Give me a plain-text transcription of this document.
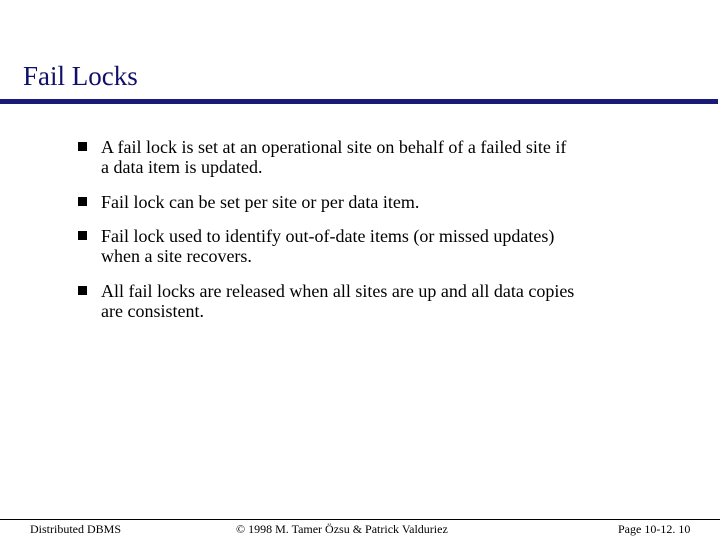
Fail Locks
A fail lock is set at an operational site on behalf of a failed site if
a data item is updated.
Fail lock can be set per site or per data item.
Fail lock used to identify out-of-date items (or missed updates)
when a site recovers.
All fail locks are released when all sites are up and all data copies
are consistent.
Distributed DBMS	© 1998 M. Tamer Özsu & Patrick Valduriez	Page 10-12. 10
